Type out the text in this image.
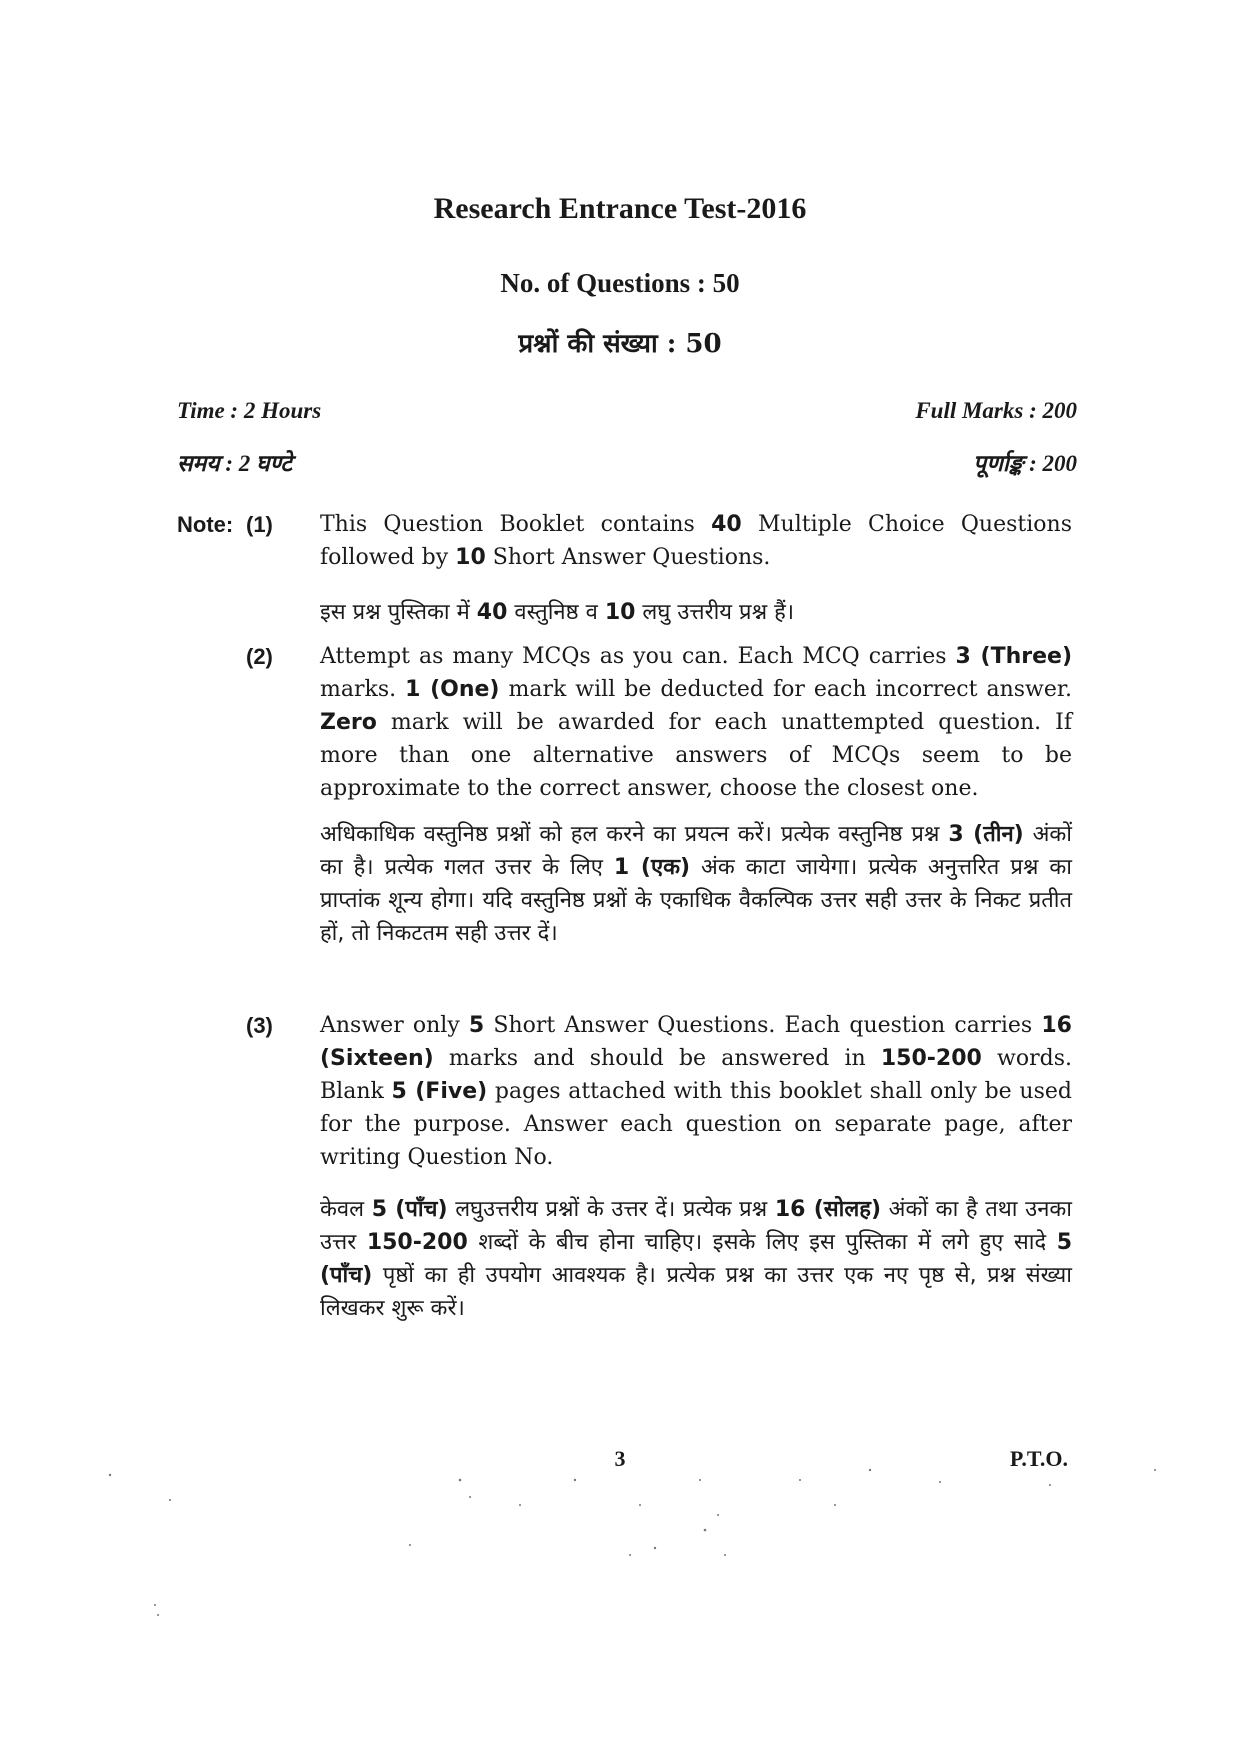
Research Entrance Test-2016
No. of Questions : 50
प्रश्नों की संख्या : 50
Time : 2 Hours
समय : 2 घण्टे
Full Marks : 200
पूर्णाङ्क : 200
Note: (1) This Question Booklet contains 40 Multiple Choice Questions followed by 10 Short Answer Questions.
इस प्रश्न पुस्तिका में 40 वस्तुनिष्ठ व 10 लघु उत्तरीय प्रश्न हैं।
(2) Attempt as many MCQs as you can. Each MCQ carries 3 (Three) marks. 1 (One) mark will be deducted for each incorrect answer. Zero mark will be awarded for each unattempted question. If more than one alternative answers of MCQs seem to be approximate to the correct answer, choose the closest one.
अधिकाधिक वस्तुनिष्ठ प्रश्नों को हल करने का प्रयत्न करें। प्रत्येक वस्तुनिष्ठ प्रश्न 3 (तीन) अंकों का है। प्रत्येक गलत उत्तर के लिए 1 (एक) अंक काटा जायेगा। प्रत्येक अनुत्तरित प्रश्न का प्राप्तांक शून्य होगा। यदि वस्तुनिष्ठ प्रश्नों के एकाधिक वैकल्पिक उत्तर सही उत्तर के निकट प्रतीत हों, तो निकटतम सही उत्तर दें।
(3) Answer only 5 Short Answer Questions. Each question carries 16 (Sixteen) marks and should be answered in 150-200 words. Blank 5 (Five) pages attached with this booklet shall only be used for the purpose. Answer each question on separate page, after writing Question No.
केवल 5 (पाँच) लघुउत्तरीय प्रश्नों के उत्तर दें। प्रत्येक प्रश्न 16 (सोलह) अंकों का है तथा उनका उत्तर 150-200 शब्दों के बीच होना चाहिए। इसके लिए इस पुस्तिका में लगे हुए सादे 5 (पाँच) पृष्ठों का ही उपयोग आवश्यक है। प्रत्येक प्रश्न का उत्तर एक नए पृष्ठ से, प्रश्न संख्या लिखकर शुरू करें।
3	P.T.O.
